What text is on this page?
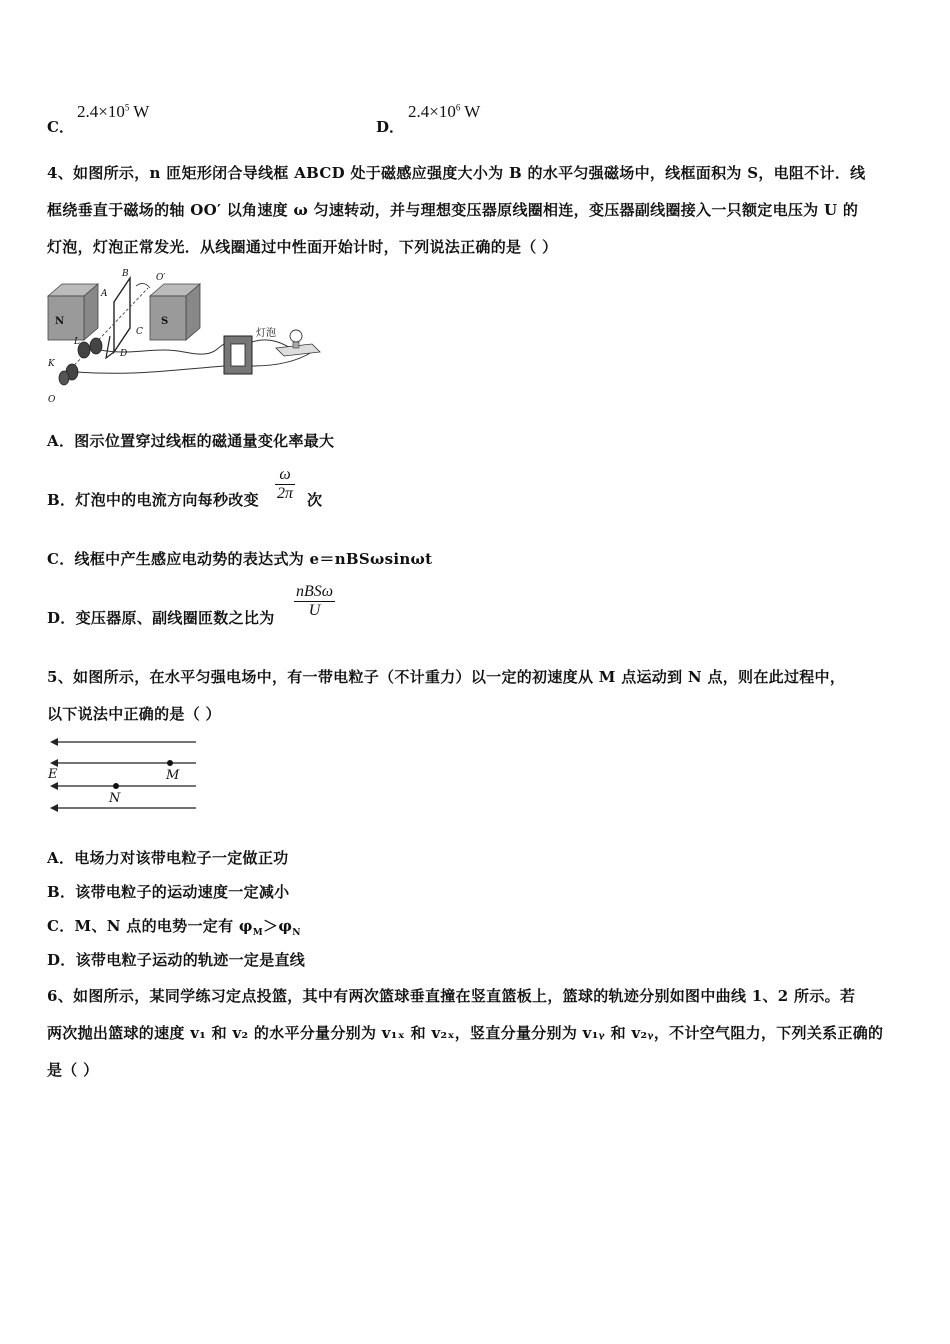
C．
$2.4\times 10^5$ W
D．
$2.4\times 10^6$ W
4、如图所示，n 匝矩形闭合导线框 ABCD 处于磁感应强度大小为 B 的水平匀强磁场中，线框面积为 S，电阻不计．线
框绕垂直于磁场的轴 OO′ 以角速度 ω 匀速转动，并与理想变压器原线圈相连，变压器副线圈接入一只额定电压为 U 的
灯泡，灯泡正常发光．从线圈通过中性面开始计时，下列说法正确的是（ ）
N	S
B
A
C
D
L
K
O
O′
灯泡
A．图示位置穿过线框的磁通量变化率最大
B．灯泡中的电流方向每秒改变 $\frac{\omega}{2\pi}$ 次
C．线框中产生感应电动势的表达式为 e＝nBSωsinωt
D．变压器原、副线圈匝数之比为
nBSω
U
5、如图所示，在水平匀强电场中，有一带电粒子（不计重力）以一定的初速度从 M 点运动到 N 点，则在此过程中，
以下说法中正确的是（ ）
E	M
N
A．电场力对该带电粒子一定做正功
B．该带电粒子的运动速度一定减小
C．M、N 点的电势一定有 $\varphi_M>\varphi_N$
D．该带电粒子运动的轨迹一定是直线
6、如图所示，某同学练习定点投篮，其中有两次篮球垂直撞在竖直篮板上，篮球的轨迹分别如图中曲线 1、2 所示。若
两次抛出篮球的速度 v₁ 和 v₂ 的水平分量分别为 v₁ₓ 和 v₂ₓ，竖直分量分别为 v₁ᵧ 和 v₂ᵧ，不计空气阻力，下列关系正确的
是（ ）
